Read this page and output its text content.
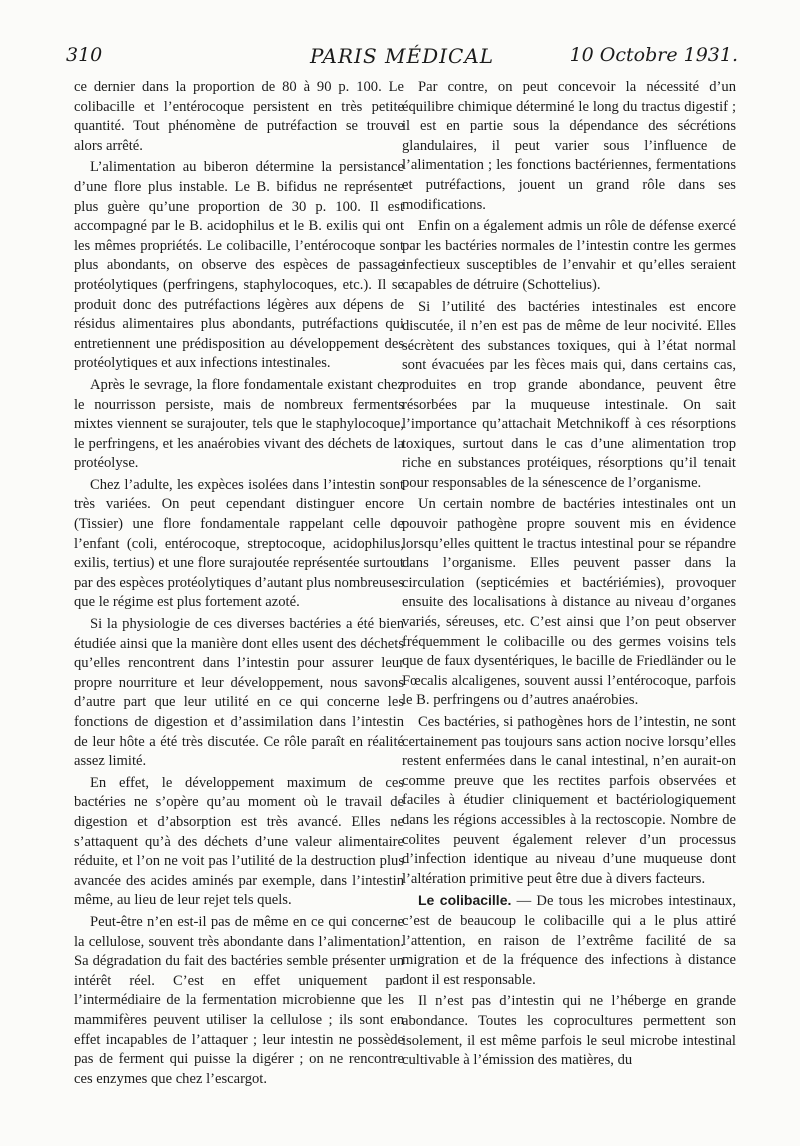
310	PARIS MÉDICAL	10 Octobre 1931.

ce dernier dans la proportion de 80 à 90 p. 100. Le colibacille et l’entérocoque persistent en très petite quantité. Tout phénomène de putréfaction se trouve alors arrêté.

L’alimentation au biberon détermine la persistance d’une flore plus instable. Le B. bifidus ne représente plus guère qu’une proportion de 30 p. 100. Il est accompagné par le B. acidophilus et le B. exilis qui ont les mêmes propriétés. Le colibacille, l’entérocoque sont plus abondants, on observe des espèces de passage protéolytiques (perfringens, staphylocoques, etc.). Il se produit donc des putréfactions légères aux dépens de résidus alimentaires plus abondants, putréfactions qui entretiennent une prédisposition au développement des protéolytiques et aux infections intestinales.

Après le sevrage, la flore fondamentale existant chez le nourrisson persiste, mais de nombreux ferments mixtes viennent se surajouter, tels que le staphylocoque, le perfringens, et les anaérobies vivant des déchets de la protéolyse.

Chez l’adulte, les expèces isolées dans l’intestin sont très variées. On peut cependant distinguer encore (Tissier) une flore fondamentale rappelant celle de l’enfant (coli, entérocoque, streptocoque, acidophilus, exilis, tertius) et une flore surajoutée représentée surtout par des espèces protéolytiques d’autant plus nombreuses que le régime est plus fortement azoté.

Si la physiologie de ces diverses bactéries a été bien étudiée ainsi que la manière dont elles usent des déchets qu’elles rencontrent dans l’intestin pour assurer leur propre nourriture et leur développement, nous savons d’autre part que leur utilité en ce qui concerne les fonctions de digestion et d’assimilation dans l’intestin de leur hôte a été très discutée. Ce rôle paraît en réalité assez limité.

En effet, le développement maximum de ces bactéries ne s’opère qu’au moment où le travail de digestion et d’absorption est très avancé. Elles ne s’attaquent qu’à des déchets d’une valeur alimentaire réduite, et l’on ne voit pas l’utilité de la destruction plus avancée des acides aminés par exemple, dans l’intestin même, au lieu de leur rejet tels quels.

Peut-être n’en est-il pas de même en ce qui concerne la cellulose, souvent très abondante dans l’alimentation. Sa dégradation du fait des bactéries semble présenter un intérêt réel. C’est en effet uniquement par l’intermédiaire de la fermentation microbienne que les mammifères peuvent utiliser la cellulose ; ils sont en effet incapables de l’attaquer ; leur intestin ne possède pas de ferment qui puisse la digérer ; on ne rencontre ces enzymes que chez l’escargot.

Par contre, on peut concevoir la nécessité d’un équilibre chimique déterminé le long du tractus digestif ; il est en partie sous la dépendance des sécrétions glandulaires, il peut varier sous l’influence de l’alimentation ; les fonctions bactériennes, fermentations et putréfactions, jouent un grand rôle dans ses modifications.

Enfin on a également admis un rôle de défense exercé par les bactéries normales de l’intestin contre les germes infectieux susceptibles de l’envahir et qu’elles seraient capables de détruire (Schottelius).

Si l’utilité des bactéries intestinales est encore discutée, il n’en est pas de même de leur nocivité. Elles sécrètent des substances toxiques, qui à l’état normal sont évacuées par les fèces mais qui, dans certains cas, produites en trop grande abondance, peuvent être résorbées par la muqueuse intestinale. On sait l’importance qu’attachait Metchnikoff à ces résorptions toxiques, surtout dans le cas d’une alimentation trop riche en substances protéiques, résorptions qu’il tenait pour responsables de la sénescence de l’organisme.

Un certain nombre de bactéries intestinales ont un pouvoir pathogène propre souvent mis en évidence lorsqu’elles quittent le tractus intestinal pour se répandre dans l’organisme. Elles peuvent passer dans la circulation (septicémies et bactériémies), provoquer ensuite des localisations à distance au niveau d’organes variés, séreuses, etc. C’est ainsi que l’on peut observer fréquemment le colibacille ou des germes voisins tels que de faux dysentériques, le bacille de Friedländer ou le Fœcalis alcaligenes, souvent aussi l’entérocoque, parfois le B. perfringens ou d’autres anaérobies.

Ces bactéries, si pathogènes hors de l’intestin, ne sont certainement pas toujours sans action nocive lorsqu’elles restent enfermées dans le canal intestinal, n’en aurait-on comme preuve que les rectites parfois observées et faciles à étudier cliniquement et bactériologiquement dans les régions accessibles à la rectoscopie. Nombre de colites peuvent également relever d’un processus d’infection identique au niveau d’une muqueuse dont l’altération primitive peut être due à divers facteurs.

Le colibacille. — De tous les microbes intestinaux, c’est de beaucoup le colibacille qui a le plus attiré l’attention, en raison de l’extrême facilité de sa migration et de la fréquence des infections à distance dont il est responsable.

Il n’est pas d’intestin qui ne l’héberge en grande abondance. Toutes les coprocultures permettent son isolement, il est même parfois le seul microbe intestinal cultivable à l’émission des matières, du
